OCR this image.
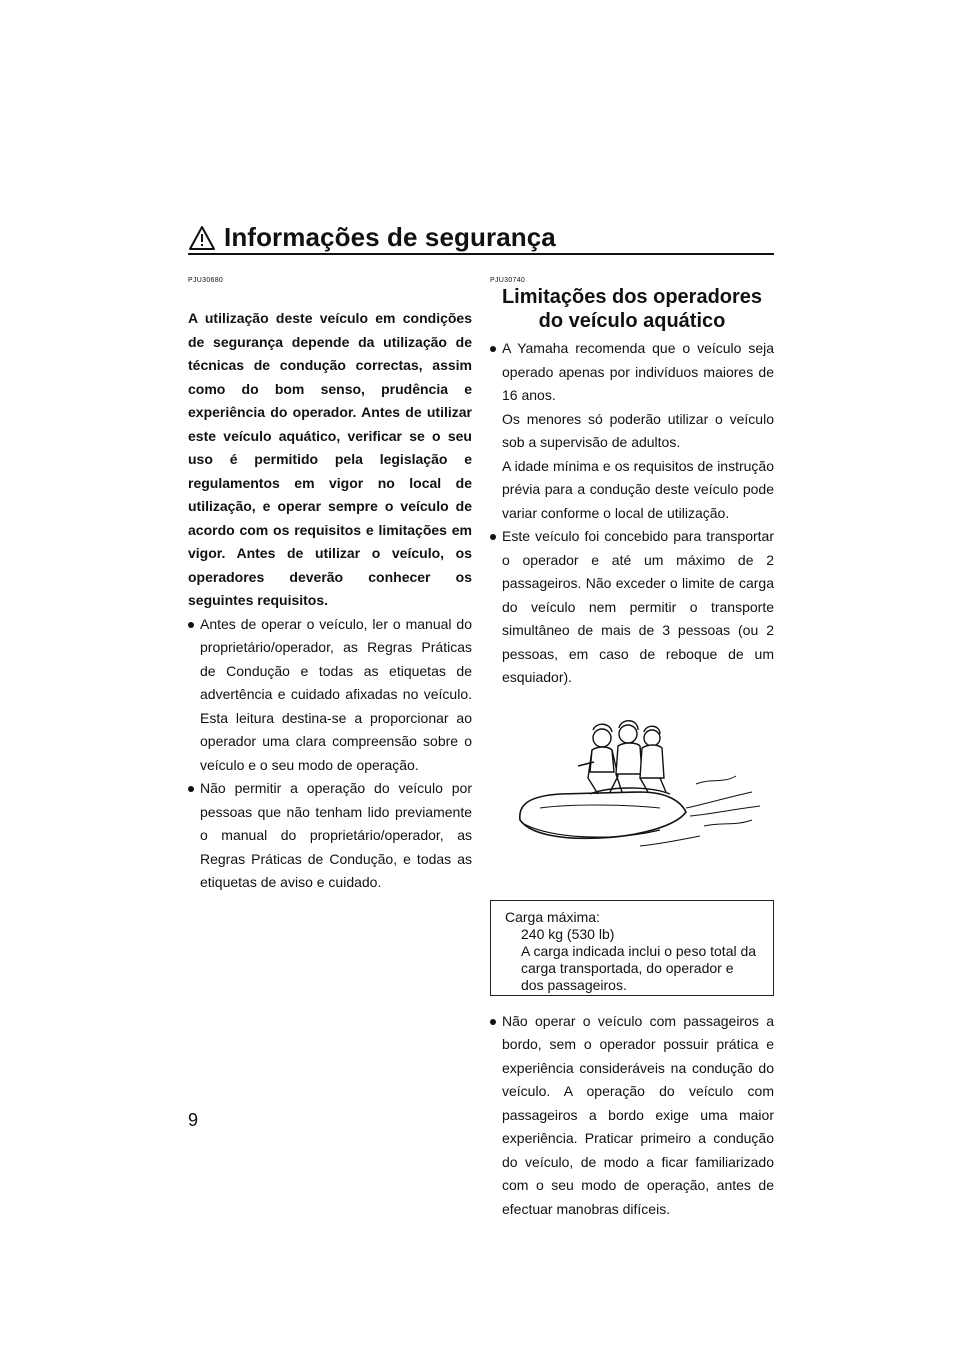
Informações de segurança

PJU30680

A utilização deste veículo em condições de segurança depende da utilização de técnicas de condução correctas, assim como do bom senso, prudência e experiência do operador. Antes de utilizar este veículo aquático, verificar se o seu uso é permitido pela legislação e regulamentos em vigor no local de utilização, e operar sempre o veículo de acordo com os requisitos e limitações em vigor. Antes de utilizar o veículo, os operadores deverão conhecer os seguintes requisitos.

Antes de operar o veículo, ler o manual do proprietário/operador, as Regras Práticas de Condução e todas as etiquetas de advertência e cuidado afixadas no veículo. Esta leitura destina-se a proporcionar ao operador uma clara compreensão sobre o veículo e o seu modo de operação.

Não permitir a operação do veículo por pessoas que não tenham lido previamente o manual do proprietário/operador, as Regras Práticas de Condução, e todas as etiquetas de aviso e cuidado.

PJU30740

Limitações dos operadores do veículo aquático

A Yamaha recomenda que o veículo seja operado apenas por indivíduos maiores de 16 anos.

Os menores só poderão utilizar o veículo sob a supervisão de adultos.

A idade mínima e os requisitos de instrução prévia para a condução deste veículo pode variar conforme o local de utilização.

Este veículo foi concebido para transportar o operador e até um máximo de 2 passageiros. Não exceder o limite de carga do veículo nem permitir o transporte simultâneo de mais de 3 pessoas (ou 2 pessoas, em caso de reboque de um esquiador).

Carga máxima:

240 kg (530 lb)

A carga indicada inclui o peso total da carga transportada, do operador e dos passageiros.

Não operar o veículo com passageiros a bordo, sem o operador possuir prática e experiência consideráveis na condução do veículo. A operação do veículo com passageiros a bordo exige uma maior experiência. Praticar primeiro a condução do veículo, de modo a ficar familiarizado com o seu modo de operação, antes de efectuar manobras difíceis.

9
